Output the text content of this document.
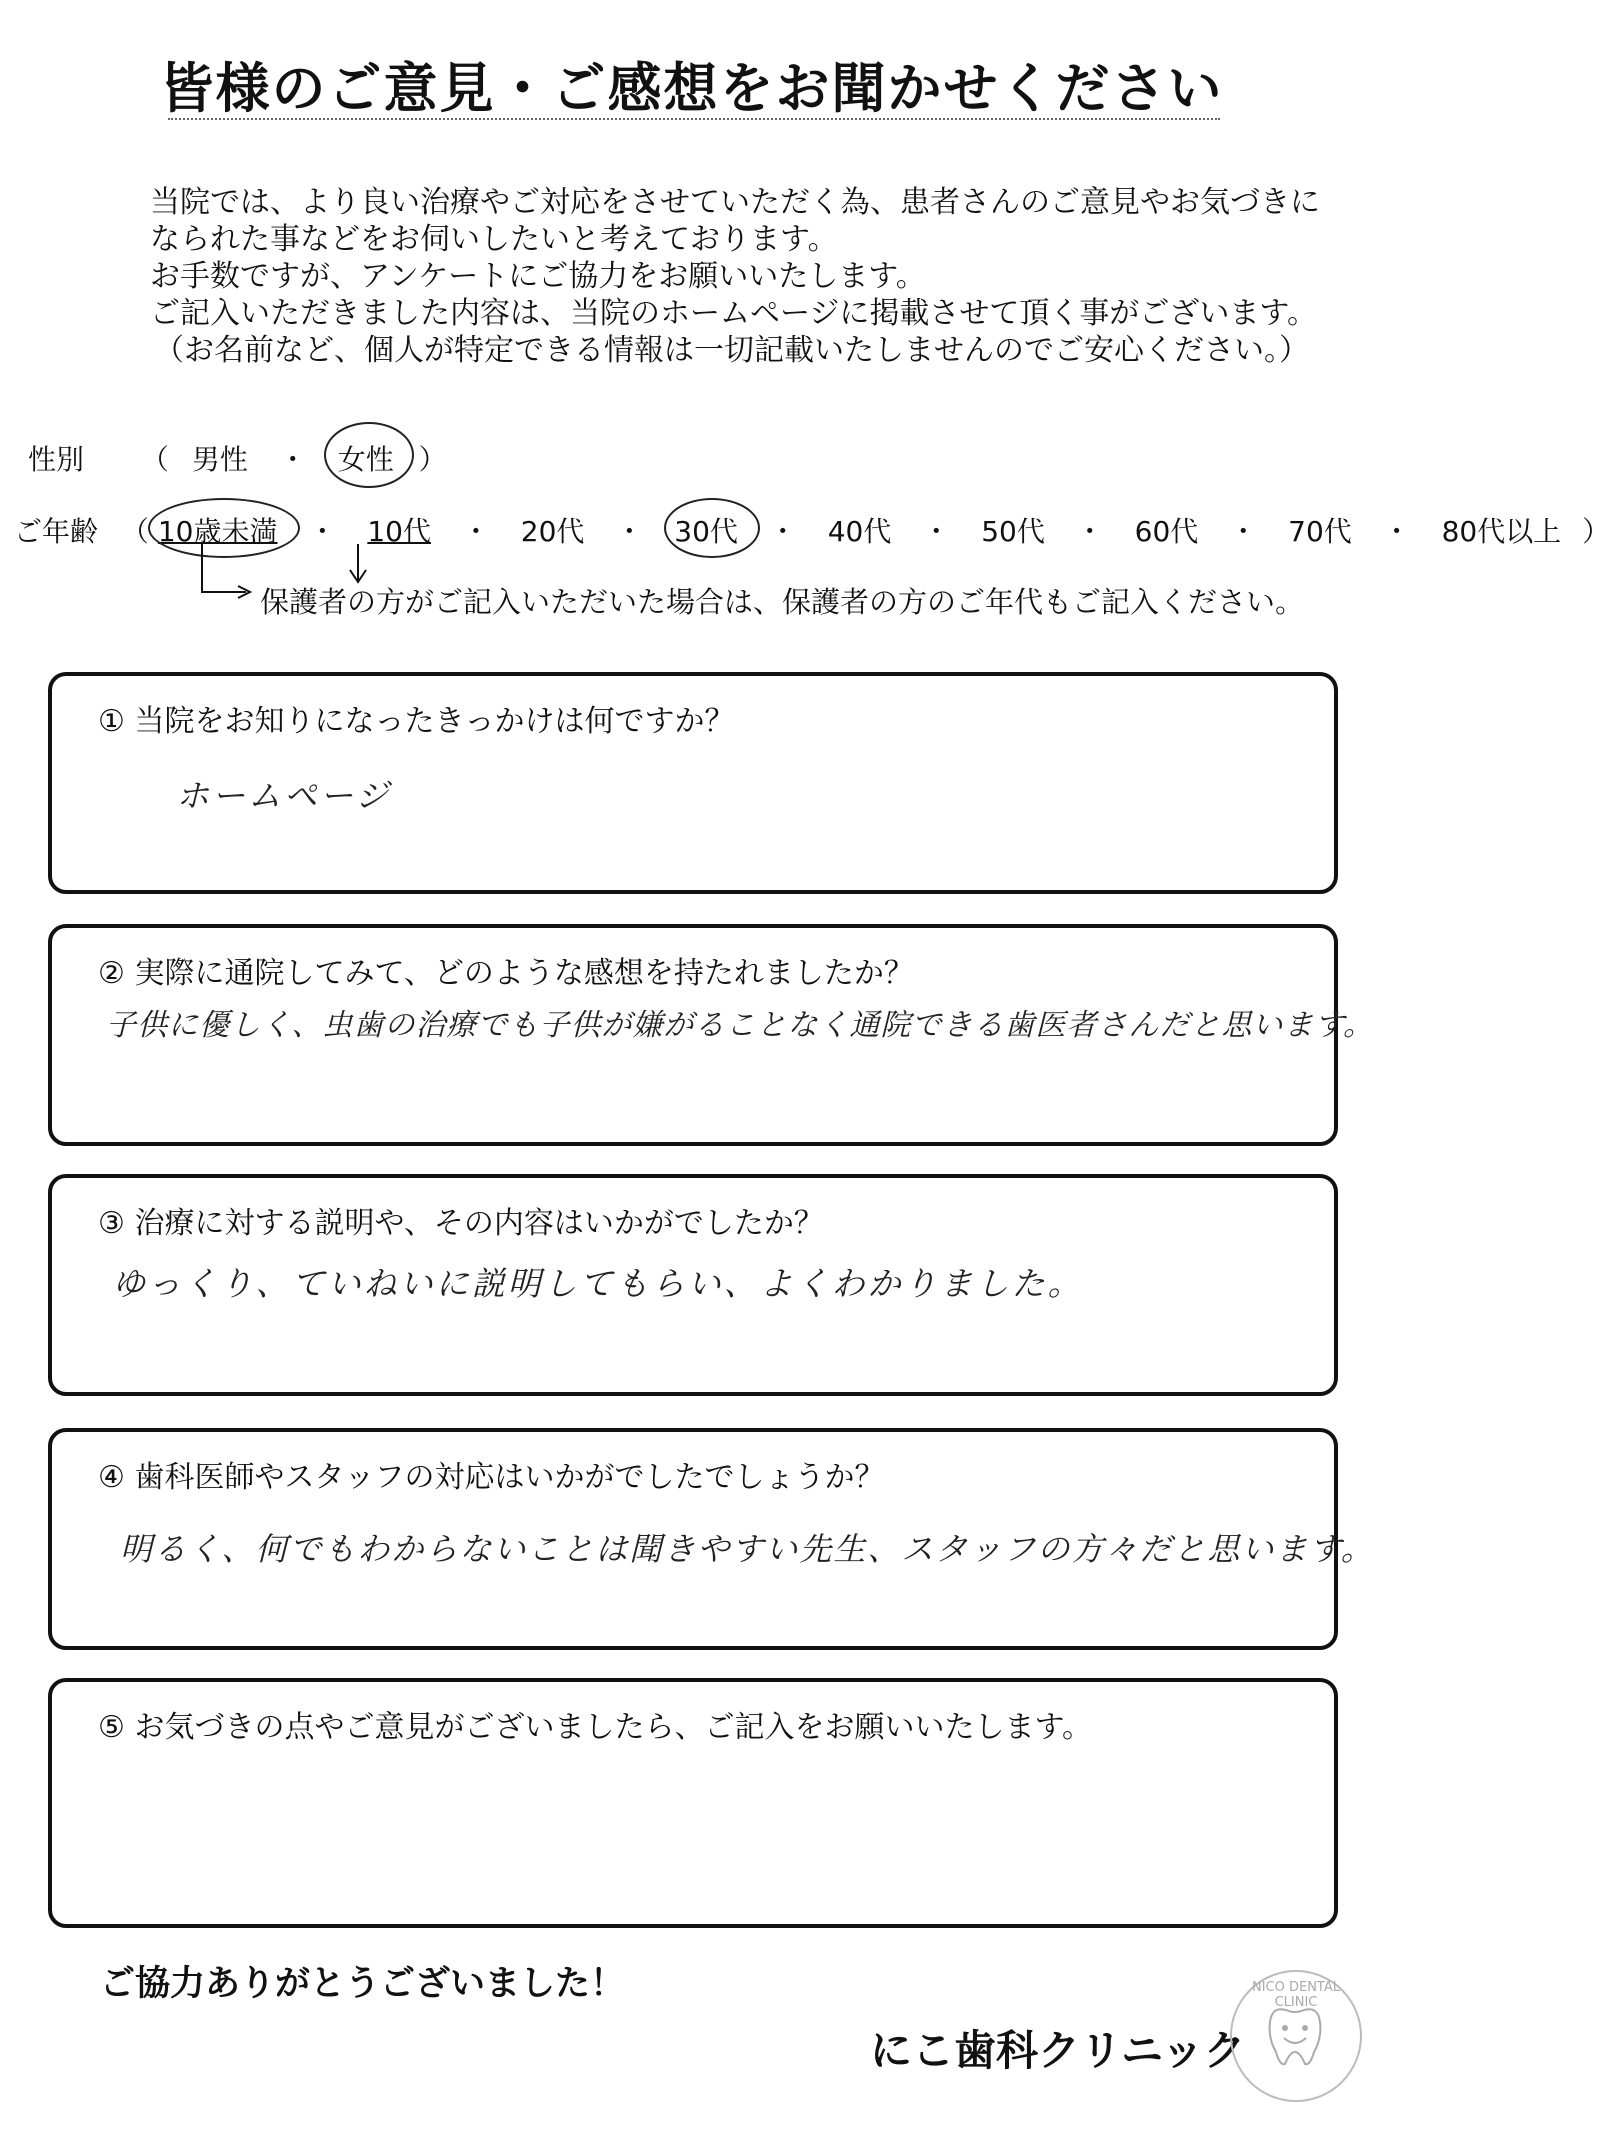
皆様のご意見・ご感想をお聞かせください
当院では、より良い治療やご対応をさせていただく為、患者さんのご意見やお気づきに
なられた事などをお伺いしたいと考えております。
お手数ですが、アンケートにご協力をお願いいたします。
ご記入いただきました内容は、当院のホームページに掲載させて頂く事がございます。
（お名前など、個人が特定できる情報は一切記載いたしませんのでご安心ください。）
性別 （ 男性 ・ 女性 ）
ご年齢 （ 10歳未満 ・ 10代 ・ 20代 ・ 30代 ・ 40代 ・ 50代 ・ 60代 ・ 70代 ・ 80代以上 ）
保護者の方がご記入いただいた場合は、保護者の方のご年代もご記入ください。
① 当院をお知りになったきっかけは何ですか？
ホームページ
② 実際に通院してみて、どのような感想を持たれましたか？
子供に優しく、虫歯の治療でも子供が嫌がることなく通院できる歯医者さんだと思います。
③ 治療に対する説明や、その内容はいかがでしたか？
ゆっくり、ていねいに説明してもらい、よくわかりました。
④ 歯科医師やスタッフの対応はいかがでしたでしょうか？
明るく、何でもわからないことは聞きやすい先生、スタッフの方々だと思います。
⑤ お気づきの点やご意見がございましたら、ご記入をお願いいたします。
ご協力ありがとうございました！
にこ歯科クリニック
NICO DENTAL CLINIC
